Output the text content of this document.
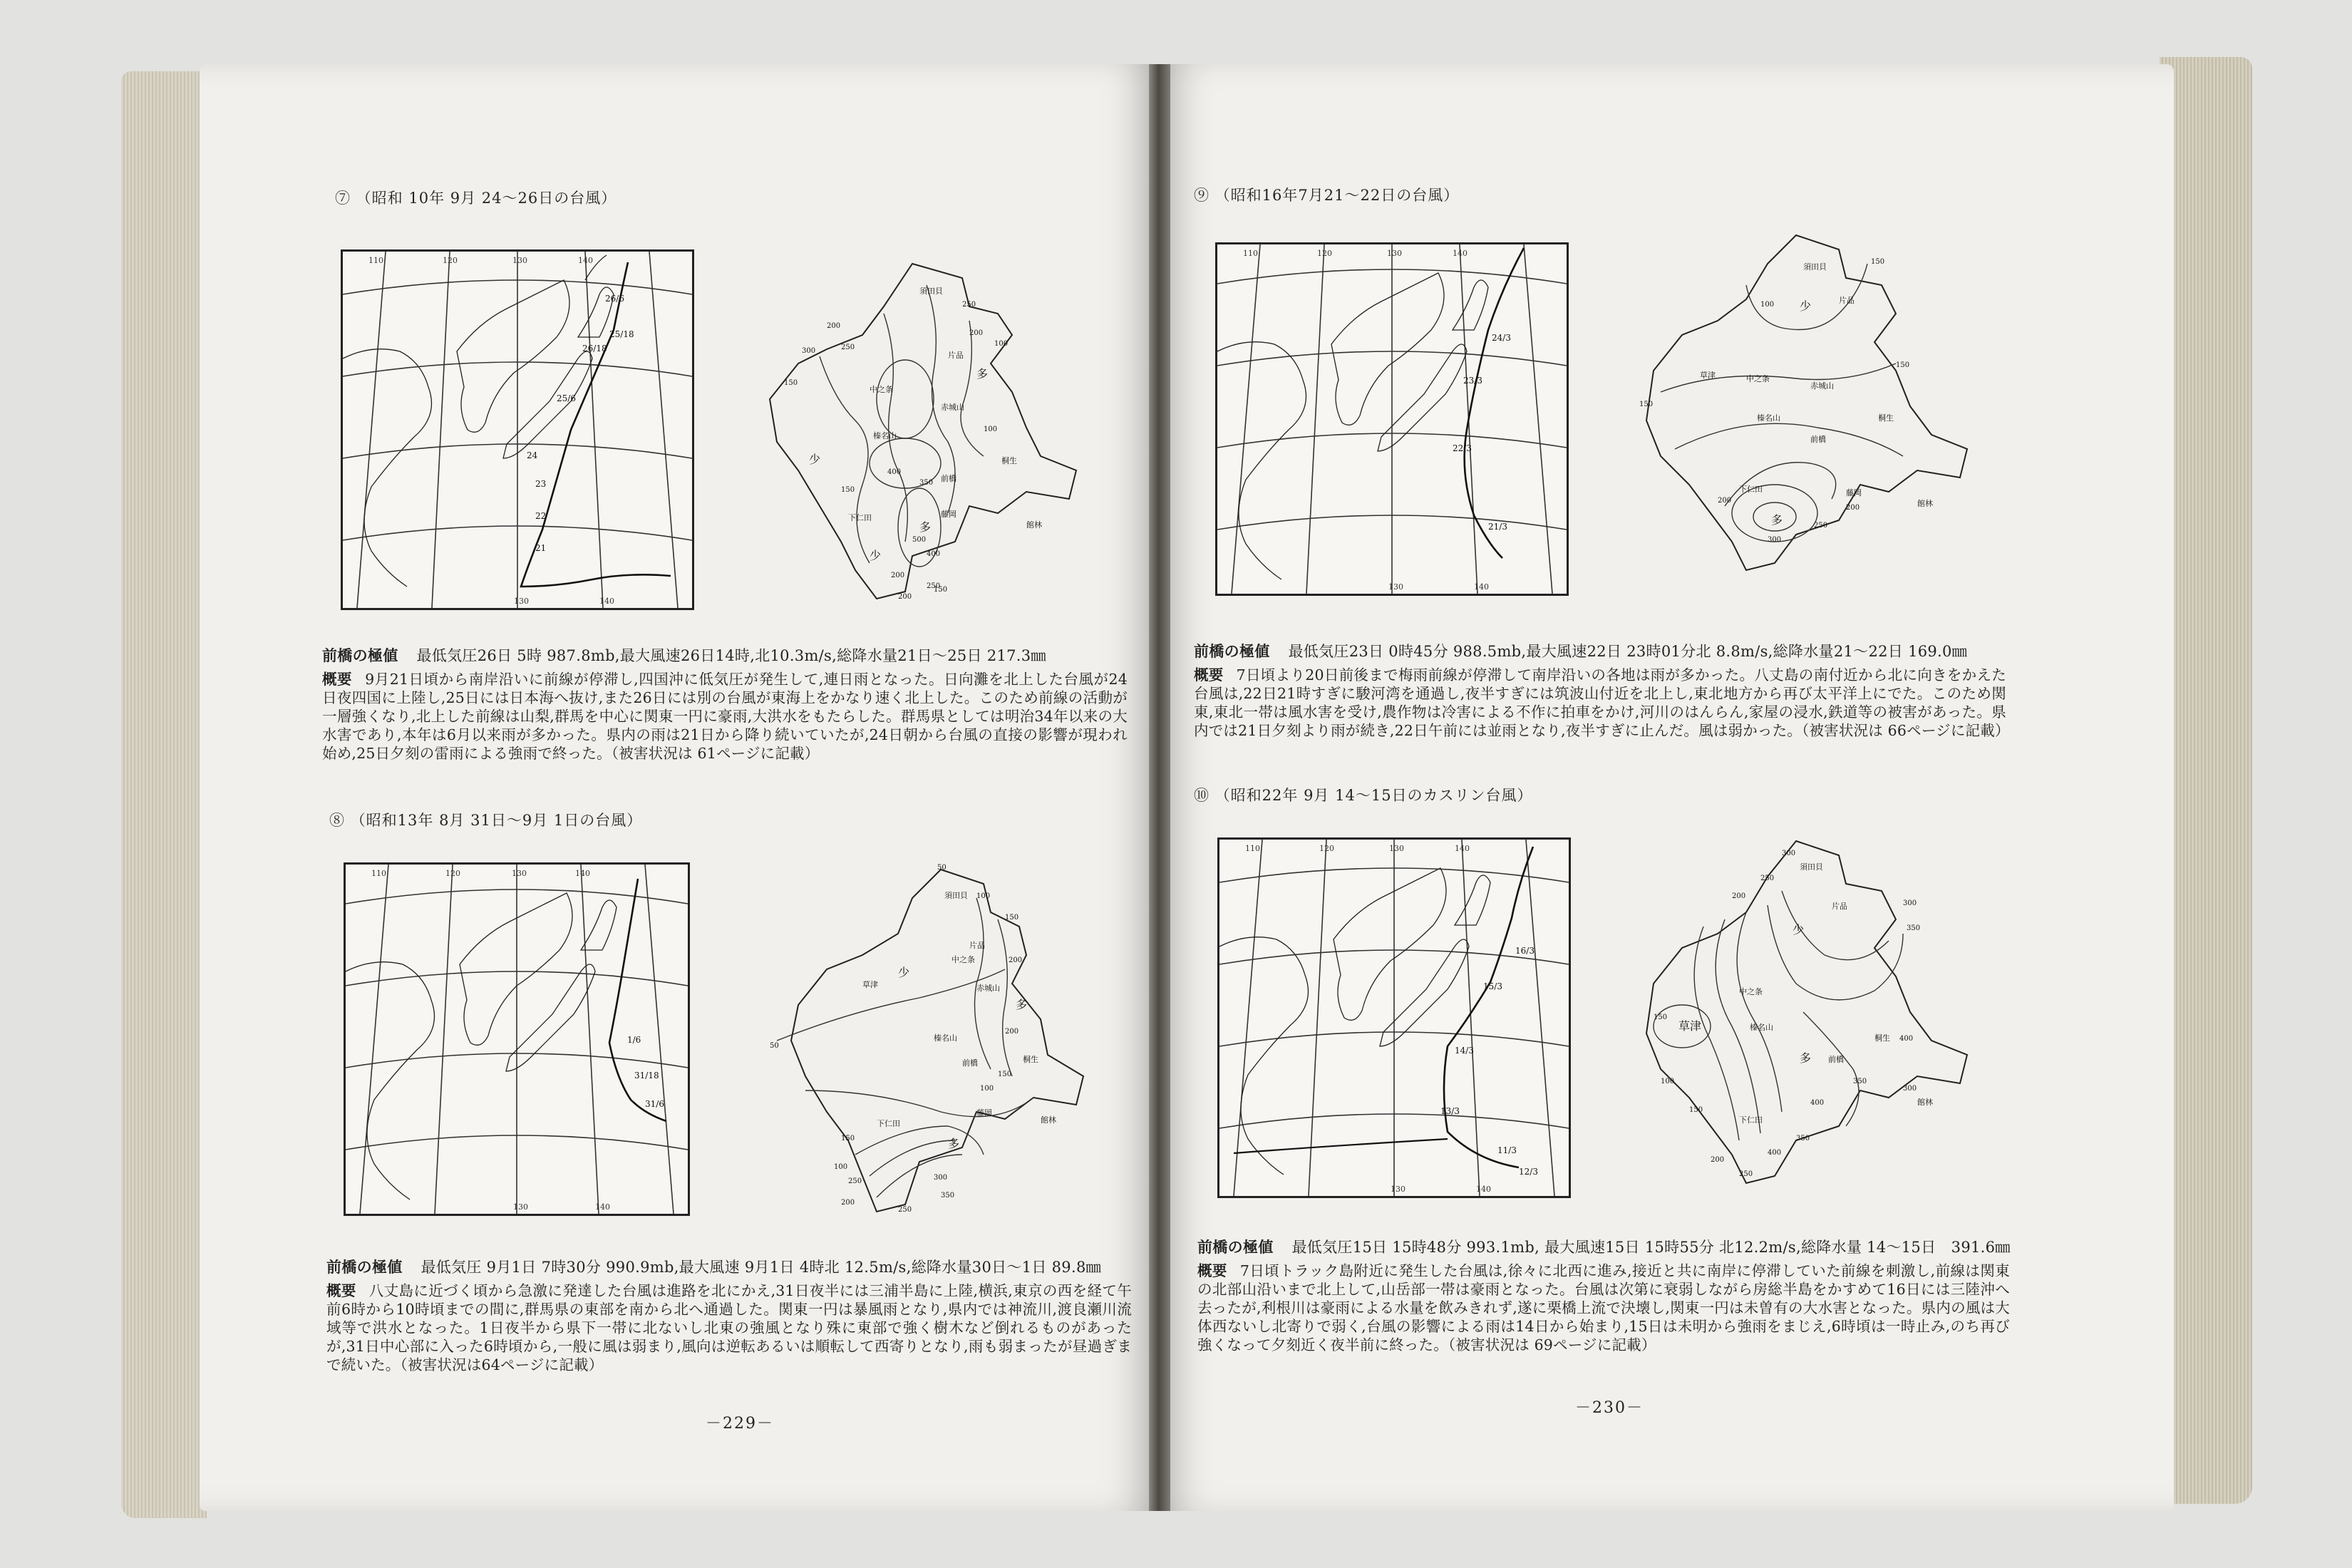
⑦ （昭和 10年 9月 24～26日の台風）
110	120	130	140
130	140
26/6
26/18
25/6
25/18
24
23
22
21
須田貝
片品
中之条
多
赤城山
少
榛名山
前橋
桐生
多
下仁田	藤岡
館林
少
200
250
300
150
100
250
400
350
500
400
200
250
200
150
100
200
150
前橋の極値 最低気圧26日 5時 987.8mb,最大風速26日14時,北10.3m/s,総降水量21日～25日 217.3㎜
概要 9月21日頃から南岸沿いに前線が停滞し,四国沖に低気圧が発生して,連日雨となった。日向灘を北上した台風が24日夜四国に上陸し,25日には日本海へ抜け,また26日には別の台風が東海上をかなり速く北上した。このため前線の活動が一層強くなり,北上した前線は山梨,群馬を中心に関東一円に豪雨,大洪水をもたらした。群馬県としては明治34年以来の大水害であり,本年は6月以来雨が多かった。県内の雨は21日から降り続いていたが,24日朝から台風の直接の影響が現われ始め,25日夕刻の雷雨による強雨で終った。（被害状況は 61ページに記載）
⑧ （昭和13年 8月 31日～9月 1日の台風）
110	120	130	140
130	140
1/6
31/18
31/6
須田貝
片品
草津
少
中之条
赤城山
多
榛名山
前橋	桐生
藤岡
下仁田
多
館林
50
100
150
200
150
100
50
200
150
100
350
300
250
200
250
前橋の極値 最低気圧 9月1日 7時30分 990.9mb,最大風速 9月1日 4時北 12.5m/s,総降水量30日～1日 89.8㎜
概要 八丈島に近づく頃から急激に発達した台風は進路を北にかえ,31日夜半には三浦半島に上陸,横浜,東京の西を経て午前6時から10時頃までの間に,群馬県の東部を南から北へ通過した。関東一円は暴風雨となり,県内では神流川,渡良瀬川流域等で洪水となった。1日夜半から県下一帯に北ないし北東の強風となり殊に東部で強く樹木など倒れるものがあったが,31日中心部に入った6時頃から,一般に風は弱まり,風向は逆転あるいは順転して西寄りとなり,雨も弱まったが昼過ぎまで続いた。（被害状況は64ページに記載）
－229－
⑨ （昭和16年7月21～22日の台風）
110	120	130	140
130	140
24/3
23/3
22/3
21/3
須田貝
片品
少
中之条
赤城山
草津
榛名山
前橋
桐生
藤岡
下仁田
多
館林
100
150
150
150
200
250
300
200
前橋の極値 最低気圧23日 0時45分 988.5mb,最大風速22日 23時01分北 8.8m/s,総降水量21～22日 169.0㎜
概要 7日頃より20日前後まで梅雨前線が停滞して南岸沿いの各地は雨が多かった。八丈島の南付近から北に向きをかえた台風は,22日21時すぎに駿河湾を通過し,夜半すぎには筑波山付近を北上し,東北地方から再び太平洋上にでた。このため関東,東北一帯は風水害を受け,農作物は冷害による不作に拍車をかけ,河川のはんらん,家屋の浸水,鉄道等の被害があった。県内では21日夕刻より雨が続き,22日午前には並雨となり,夜半すぎに止んだ。風は弱かった。（被害状況は 66ページに記載）
⑩ （昭和22年 9月 14～15日のカスリン台風）
110	120	130	140
130	140
16/3
15/3
14/3
13/3
12/3
11/3
須田貝
片品
少
中之条
草津	榛名山
多 前橋
桐生
下仁田
館林
300
250
200
150
300
350
400
350
300
400
350
400
250
200
150
100
前橋の極値 最低気圧15日 15時48分 993.1mb, 最大風速15日 15時55分 北12.2m/s,総降水量 14～15日　391.6㎜
概要 7日頃トラック島附近に発生した台風は,徐々に北西に進み,接近と共に南岸に停滞していた前線を刺激し,前線は関東の北部山沿いまで北上して,山岳部一帯は豪雨となった。台風は次第に衰弱しながら房総半島をかすめて16日には三陸沖へ去ったが,利根川は豪雨による水量を飲みきれず,遂に栗橋上流で決壊し,関東一円は未曽有の大水害となった。県内の風は大体西ないし北寄りで弱く,台風の影響による雨は14日から始まり,15日は未明から強雨をまじえ,6時頃は一時止み,のち再び強くなって夕刻近く夜半前に終った。（被害状況は 69ページに記載）
－230－
